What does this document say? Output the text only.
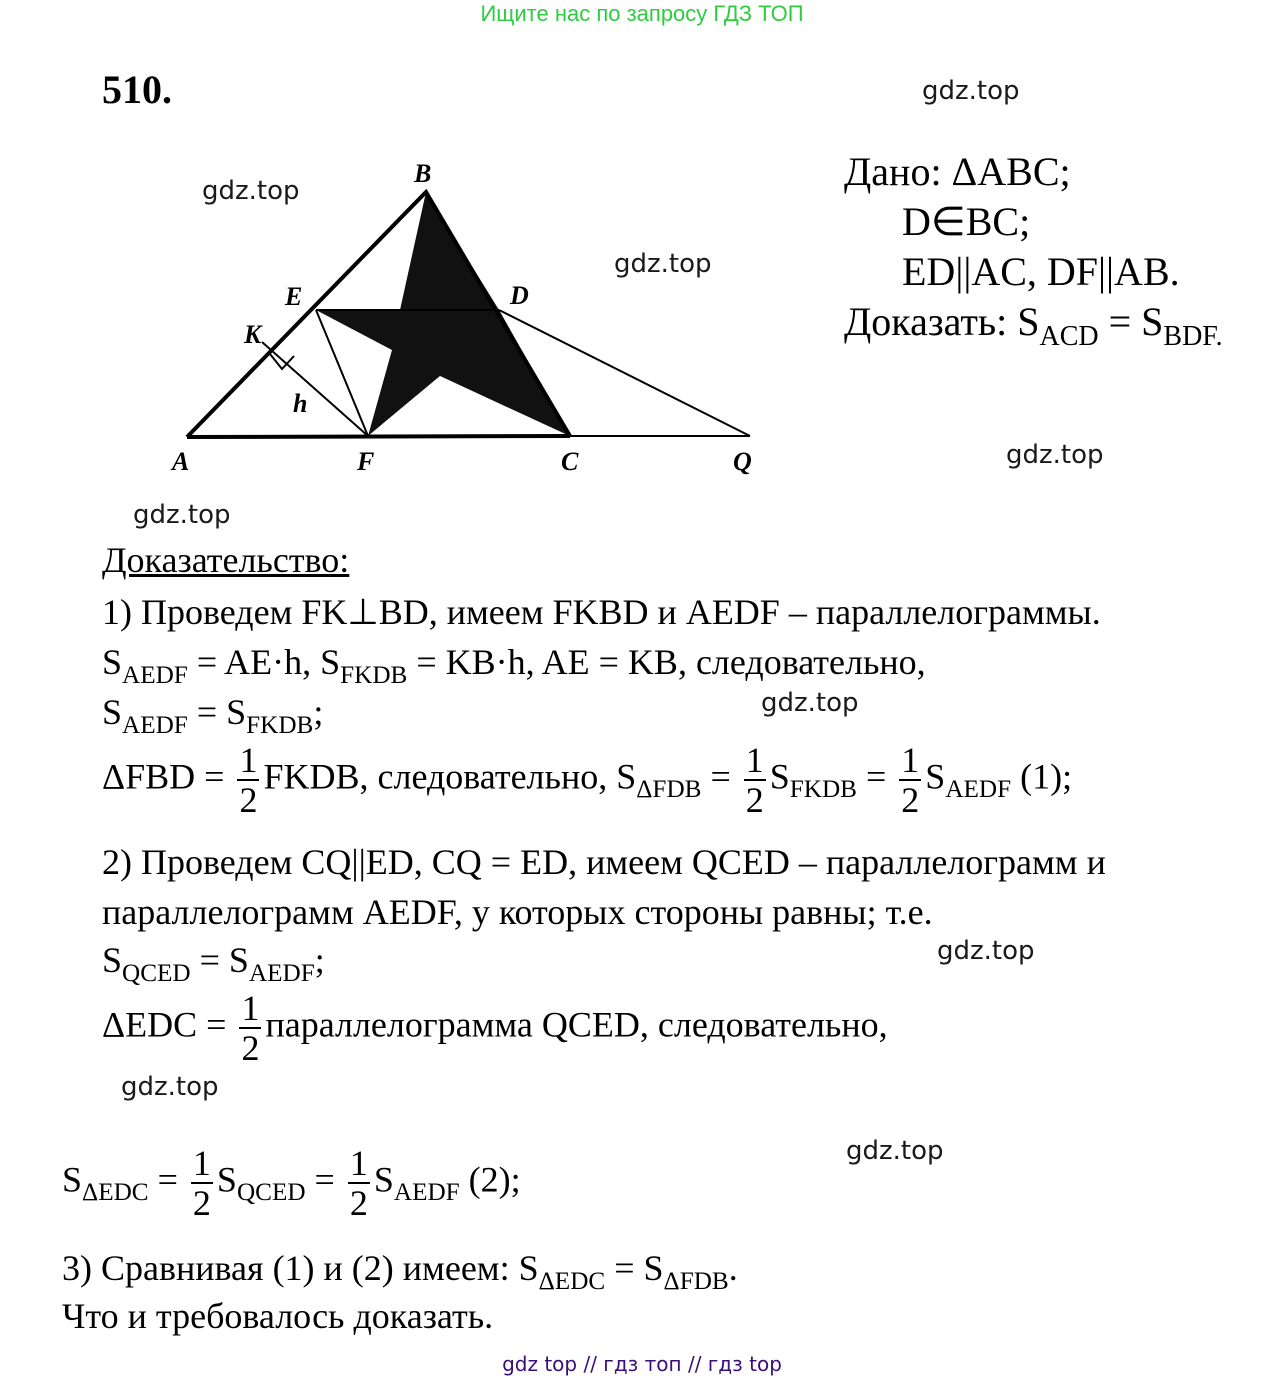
Ищите нас по запросу ГДЗ ТОП
510.	gdz.top
gdz.top
gdz.top
gdz.top
gdz.top
gdz.top
gdz.top
gdz.top
gdz.top
A
B
C
D
E
F
K
Q
h
Дано: ΔABC;
D∈BC;
ED||AC, DF||AB.
Доказать: $S_{ACD} = S_{BDF.}$
Доказательство:
1) Проведем FK⊥BD, имеем FKBD и AEDF – параллелограммы.
$S_{AEDF} = AE\cdot h$, $S_{FKDB} = KB\cdot h$, AE = KB, следовательно,
$S_{AEDF} = S_{FKDB}$;
$\Delta FBD = \frac{1}{2}$ FKDB, следовательно, $S_{\Delta FDB} = \frac{1}{2} S_{FKDB} = \frac{1}{2} S_{AEDF}$ (1);
2) Проведем CQ||ED, CQ = ED, имеем QCED – параллелограмм и
параллелограмм AEDF, у которых стороны равны; т.е.
$S_{QCED} = S_{AEDF}$;
$\Delta EDC = \frac{1}{2}$ параллелограмма QCED, следовательно,
$S_{\Delta EDC} = \frac{1}{2} S_{QCED} = \frac{1}{2} S_{AEDF}$ (2);
3) Сравнивая (1) и (2) имеем: $S_{\Delta EDC} = S_{\Delta FDB}$.
Что и требовалось доказать.
gdz top // гдз топ // гдз top
